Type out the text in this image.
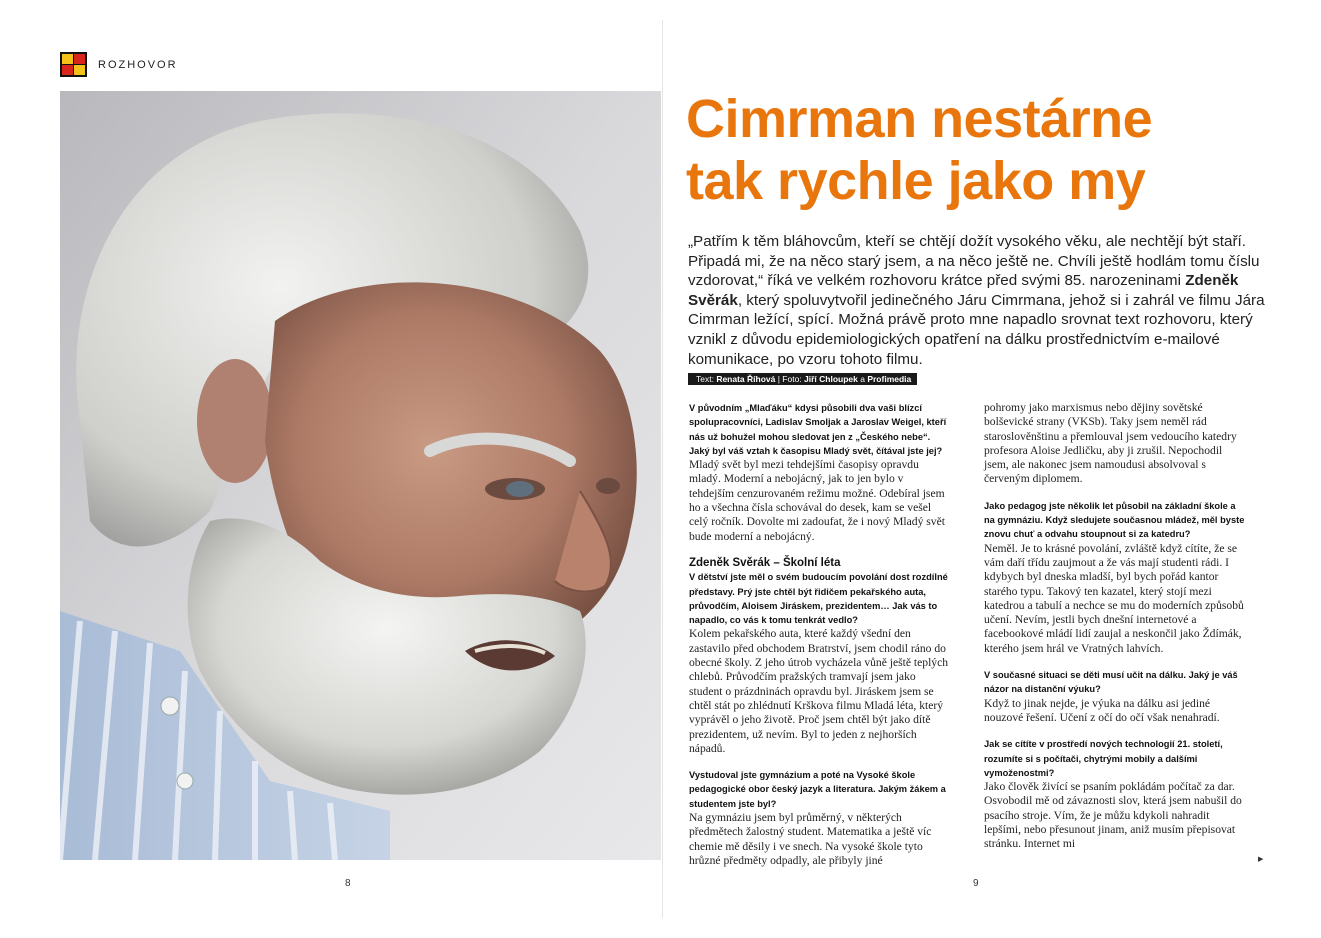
ROZHOVOR
8	9
Cimrman nestárne
tak rychle jako my

„Patřím k těm bláhovcům, kteří se chtějí dožít vysokého věku, ale nechtějí být staří. Připadá mi, že na něco starý jsem, a na něco ještě ne. Chvíli ještě hodlám tomu číslu vzdorovat,“ říká ve velkém rozhovoru krátce před svými 85. narozeninami Zdeněk Svěrák, který spoluvytvořil jedinečného Járu Cimrmana, jehož si i zahrál ve filmu Jára Cimrman ležící, spící. Možná právě proto mne napadlo srovnat text rozhovoru, který vznikl z důvodu epidemiologických opatření na dálku prostřednictvím e-mailové komunikace, po vzoru tohoto filmu.

Text: Renata Říhová | Foto: Jiří Chloupek a Profimedia

V původním „Mlaďáku“ kdysi působili dva vaši blízcí spolupracovníci, Ladislav Smoljak a Jaroslav Weigel, kteří nás už bohužel mohou sledovat jen z „Českého nebe“. Jaký byl váš vztah k časopisu Mladý svět, čítával jste jej?

Mladý svět byl mezi tehdejšími časopisy opravdu mladý. Moderní a nebojácný, jak to jen bylo v tehdejším cenzurovaném režimu možné. Odebíral jsem ho a všechna čísla schovával do desek, kam se vešel celý ročník. Dovolte mi zadoufat, že i nový Mladý svět bude moderní a nebojácný.

Zdeněk Svěrák – Školní léta

V dětství jste měl o svém budoucím povolání dost rozdílné představy. Prý jste chtěl být řidičem pekařského auta, průvodčím, Aloisem Jiráskem, prezidentem… Jak vás to napadlo, co vás k tomu tenkrát vedlo?

Kolem pekařského auta, které každý všední den zastavilo před obchodem Bratrství, jsem chodil ráno do obecné školy. Z jeho útrob vycházela vůně ještě teplých chlebů. Průvodčím pražských tramvají jsem jako student o prázdninách opravdu byl. Jiráskem jsem se chtěl stát po zhlédnutí Krškova filmu Mladá léta, který vyprávěl o jeho životě. Proč jsem chtěl být jako dítě prezidentem, už nevím. Byl to jeden z nejhorších nápadů.

Vystudoval jste gymnázium a poté na Vysoké škole pedagogické obor český jazyk a literatura. Jakým žákem a studentem jste byl?

Na gymnáziu jsem byl průměrný, v některých předmětech žalostný student. Matematika a ještě víc chemie mě děsily i ve snech. Na vysoké škole tyto hrůzné předměty odpadly, ale přibyly jiné

pohromy jako marxismus nebo dějiny sovětské bolševické strany (VKSb). Taky jsem neměl rád staroslověnštinu a přemlouval jsem vedoucího katedry profesora Aloise Jedličku, aby ji zrušil. Nepochodil jsem, ale nakonec jsem namoudusi absolvoval s červeným diplomem.

Jako pedagog jste několik let působil na základní škole a na gymnáziu. Když sledujete současnou mládež, měl byste znovu chuť a odvahu stoupnout si za katedru?

Neměl. Je to krásné povolání, zvláště když cítíte, že se vám daří třídu zaujmout a že vás mají studenti rádi. I kdybych byl dneska mladší, byl bych pořád kantor starého typu. Takový ten kazatel, který stojí mezi katedrou a tabulí a nechce se mu do moderních způsobů učení. Nevím, jestli bych dnešní internetové a facebookové mládí lidí zaujal a neskončil jako Ždímák, kterého jsem hrál ve Vratných lahvích.

V současné situaci se děti musí učit na dálku. Jaký je váš názor na distanční výuku?

Když to jinak nejde, je výuka na dálku asi jediné nouzové řešení. Učení z očí do očí však nenahradí.

Jak se cítíte v prostředí nových technologií 21. století, rozumíte si s počítači, chytrými mobily a dalšími vymoženostmi?

Jako člověk živící se psaním pokládám počítač za dar. Osvobodil mě od závaznosti slov, která jsem nabušil do psacího stroje. Vím, že je můžu kdykoli nahradit lepšími, nebo přesunout jinam, aniž musím přepisovat stránku. Internet mi

▶
